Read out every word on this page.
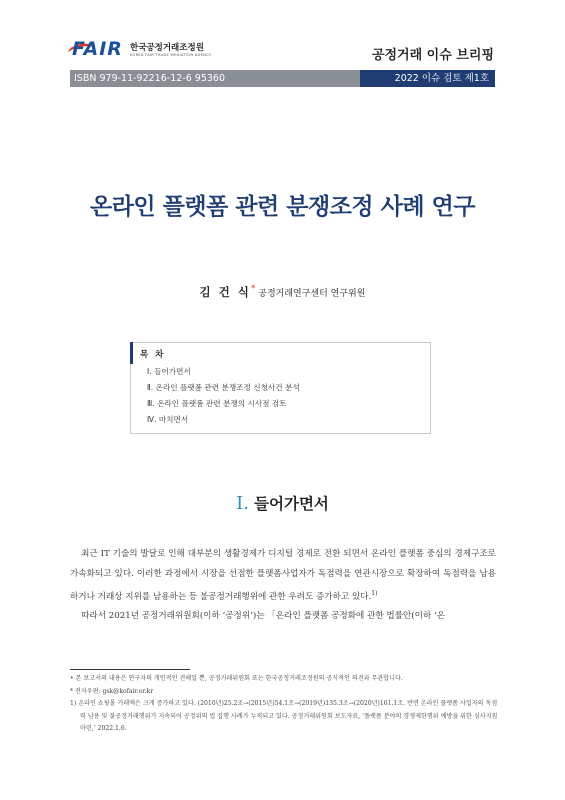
FAIR 한국공정거래조정원
KOREA FAIR TRADE MEDIATION AGENCY	공정거래 이슈 브리핑
ISBN 979-11-92216-12-6 95360	2022 이슈 검토 제1호
온라인 플랫폼 관련 분쟁조정 사례 연구
김 건 식* 공정거래연구센터 연구위원
목 차
Ⅰ. 들어가면서
Ⅱ. 온라인 플랫폼 관련 분쟁조정 신청사건 분석
Ⅲ. 온라인 플랫폼 관련 분쟁의 시사점 검토
Ⅳ. 마치면서
Ⅰ. 들어가면서

최근 IT 기술의 발달로 인해 대부분의 생활경제가 디지털 경제로 전환 되면서 온라인 플랫폼 중심의 경제구조로 가속화되고 있다. 이러한 과정에서 시장을 선점한 플랫폼사업자가 독점력을 연관시장으로 확장하여 독점력을 남용하거나 거래상 지위를 남용하는 등 불공정거래행위에 관한 우려도 증가하고 있다.$^{1)}$

따라서 2021년 공정거래위원회(이하 ‘공정위’)는 「온라인 플랫폼 공정화에 관한 법률안(이하 ‘온

• 본 보고서의 내용은 연구자의 개인적인 견해일 뿐, 공정거래위원회 또는 한국공정거래조정원의 공식적인 의견과 무관합니다.
* 전자우편: gsk@kofair.or.kr
1) 온라인 쇼핑몰 거래액은 크게 증가하고 있다. (2010년)25.2조→(2015년)54.1조→(2019년)135.3조→(2020년)161.1조. 반면 온라인 플랫폼 사업자의 독점력 남용 및 불공정거래행위가 지속되어 공정위의 법 집행 사례가 누적되고 있다. 공정거래위원회 보도자료, ‘플랫폼 분야의 경쟁제한행위 예방을 위한 심사지침 마련,’ 2022.1.6.
